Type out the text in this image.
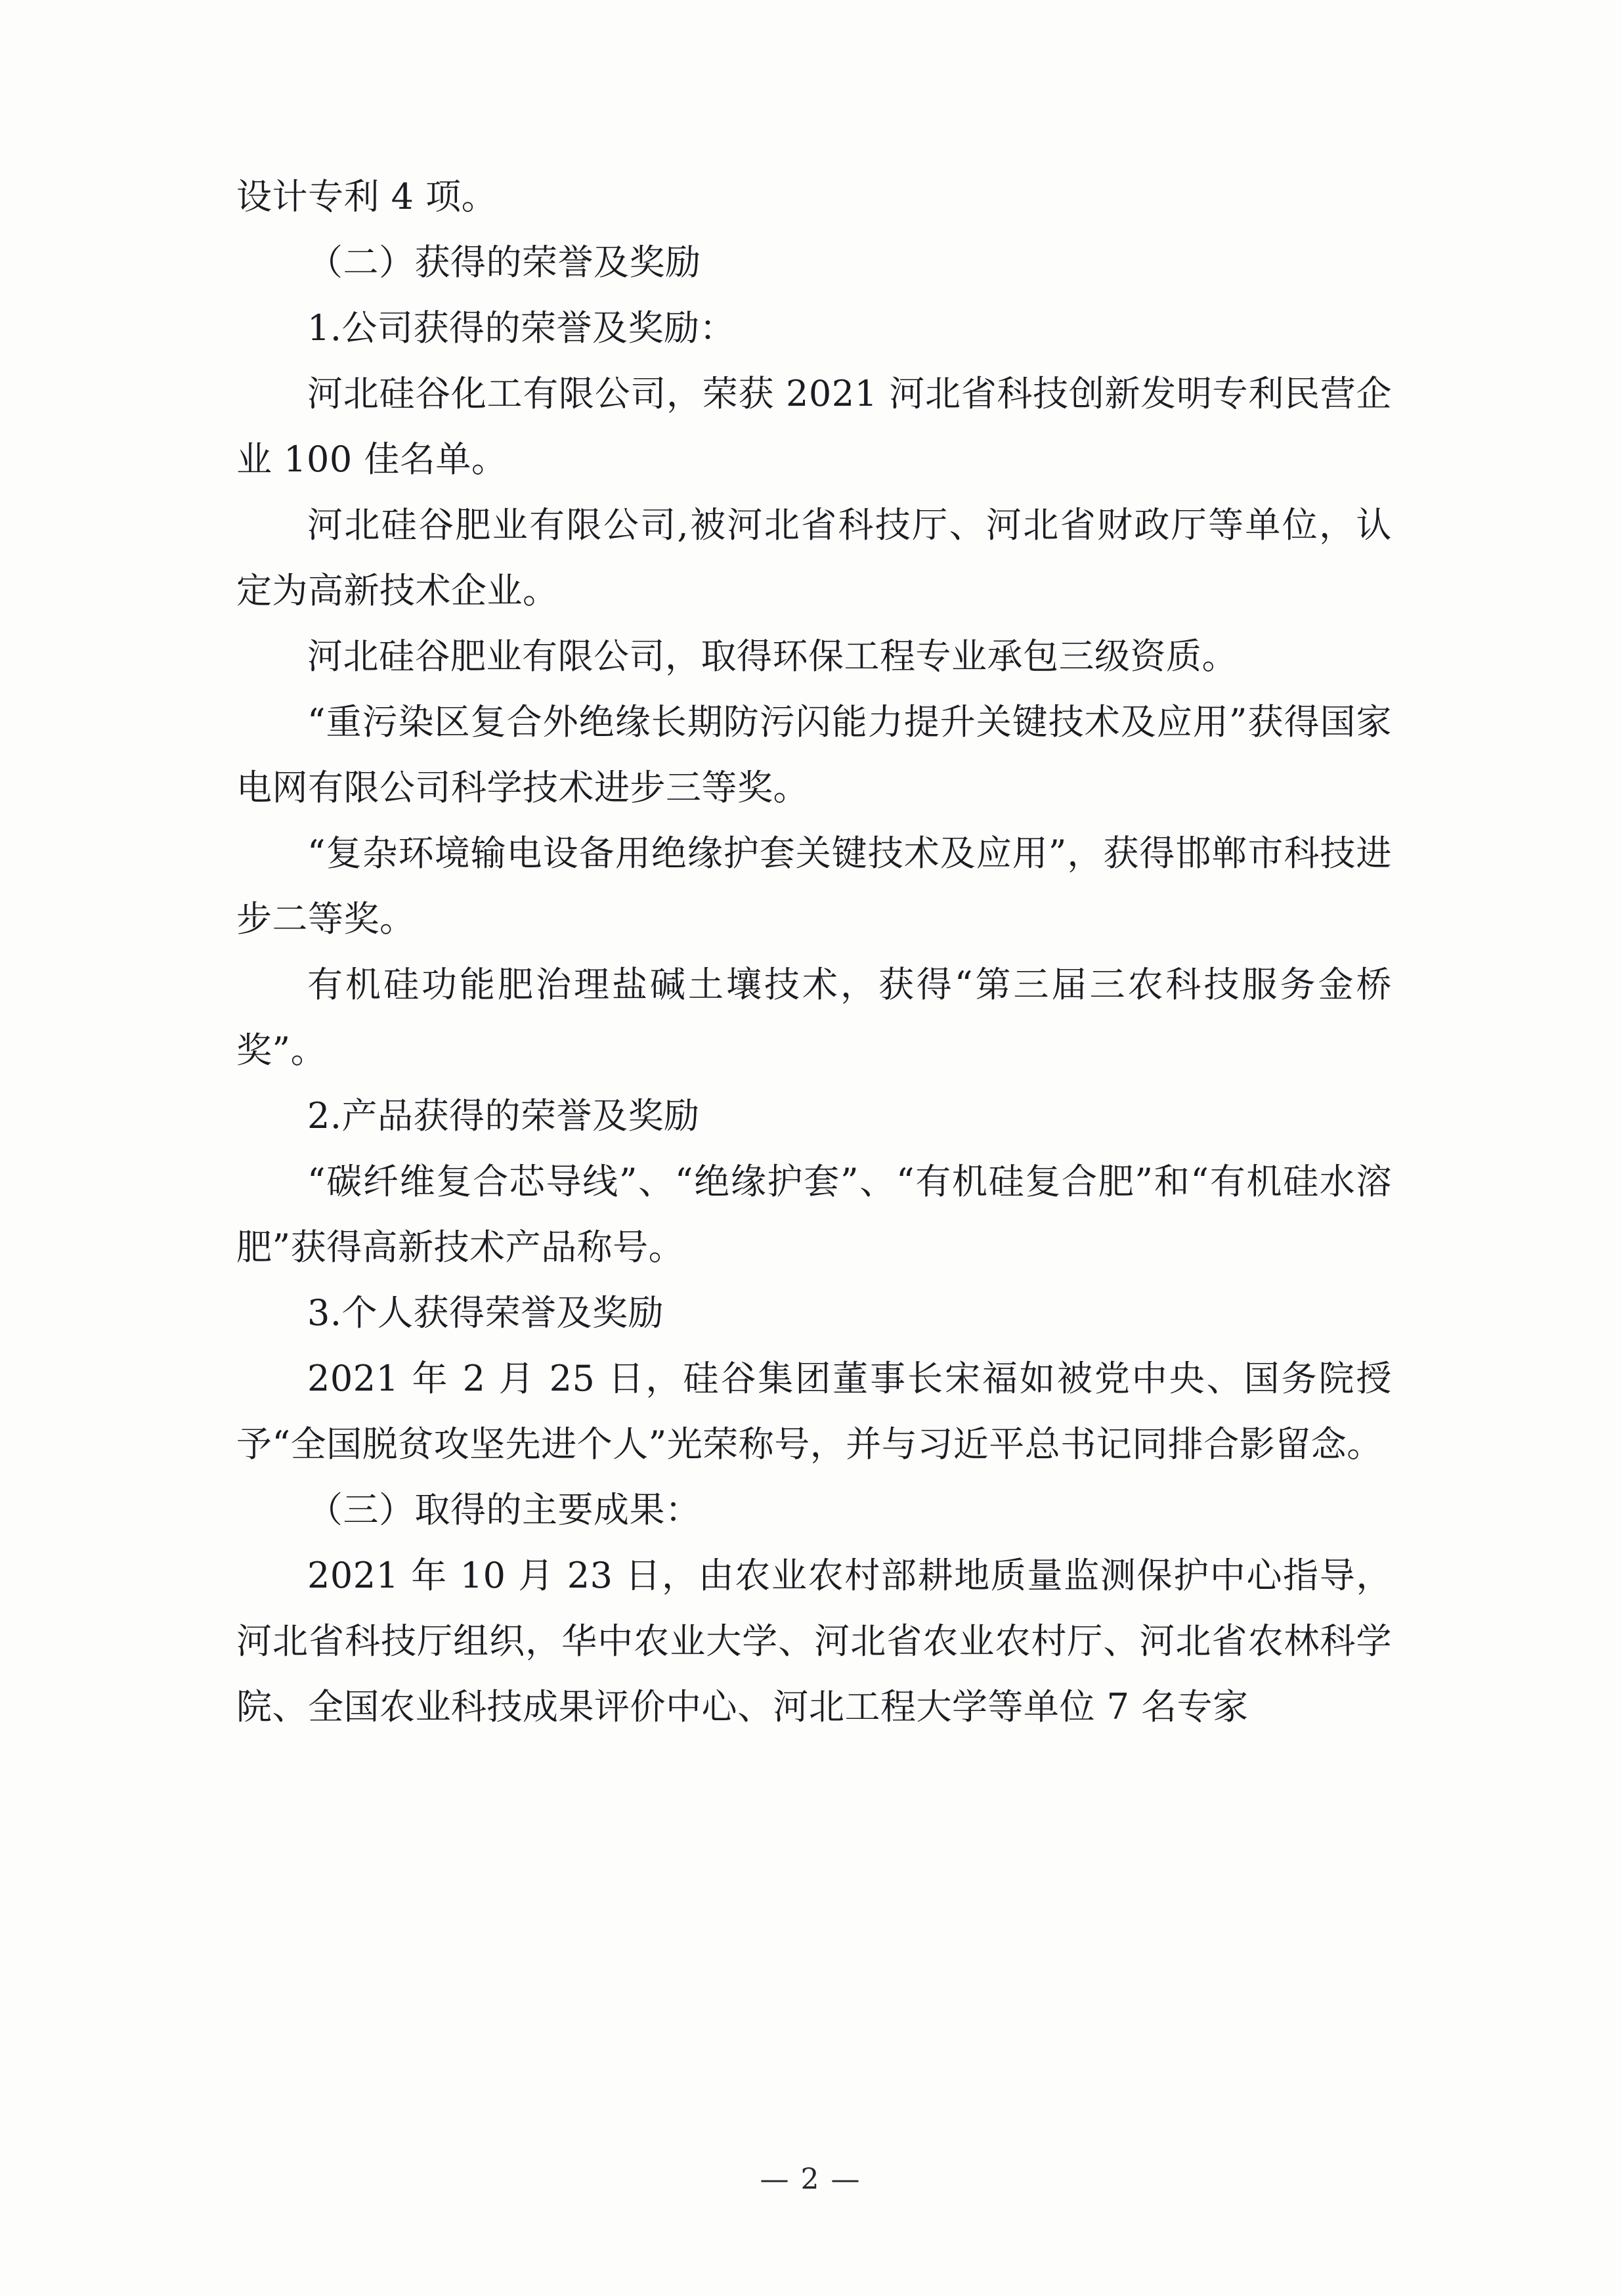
设计专利 4 项。

（二）获得的荣誉及奖励

1.公司获得的荣誉及奖励：

河北硅谷化工有限公司，荣获 2021 河北省科技创新发明专利民营企业 100 佳名单。

河北硅谷肥业有限公司,被河北省科技厅、河北省财政厅等单位，认定为高新技术企业。

河北硅谷肥业有限公司，取得环保工程专业承包三级资质。

“重污染区复合外绝缘长期防污闪能力提升关键技术及应用”获得国家电网有限公司科学技术进步三等奖。

“复杂环境输电设备用绝缘护套关键技术及应用”，获得邯郸市科技进步二等奖。

有机硅功能肥治理盐碱土壤技术，获得“第三届三农科技服务金桥奖”。

2.产品获得的荣誉及奖励

“碳纤维复合芯导线”、“绝缘护套”、“有机硅复合肥”和“有机硅水溶肥”获得高新技术产品称号。

3.个人获得荣誉及奖励

2021 年 2 月 25 日，硅谷集团董事长宋福如被党中央、国务院授予“全国脱贫攻坚先进个人”光荣称号，并与习近平总书记同排合影留念。

（三）取得的主要成果：

2021 年 10 月 23 日，由农业农村部耕地质量监测保护中心指导，河北省科技厅组织，华中农业大学、河北省农业农村厅、河北省农林科学院、全国农业科技成果评价中心、河北工程大学等单位 7 名专家

— 2 —
